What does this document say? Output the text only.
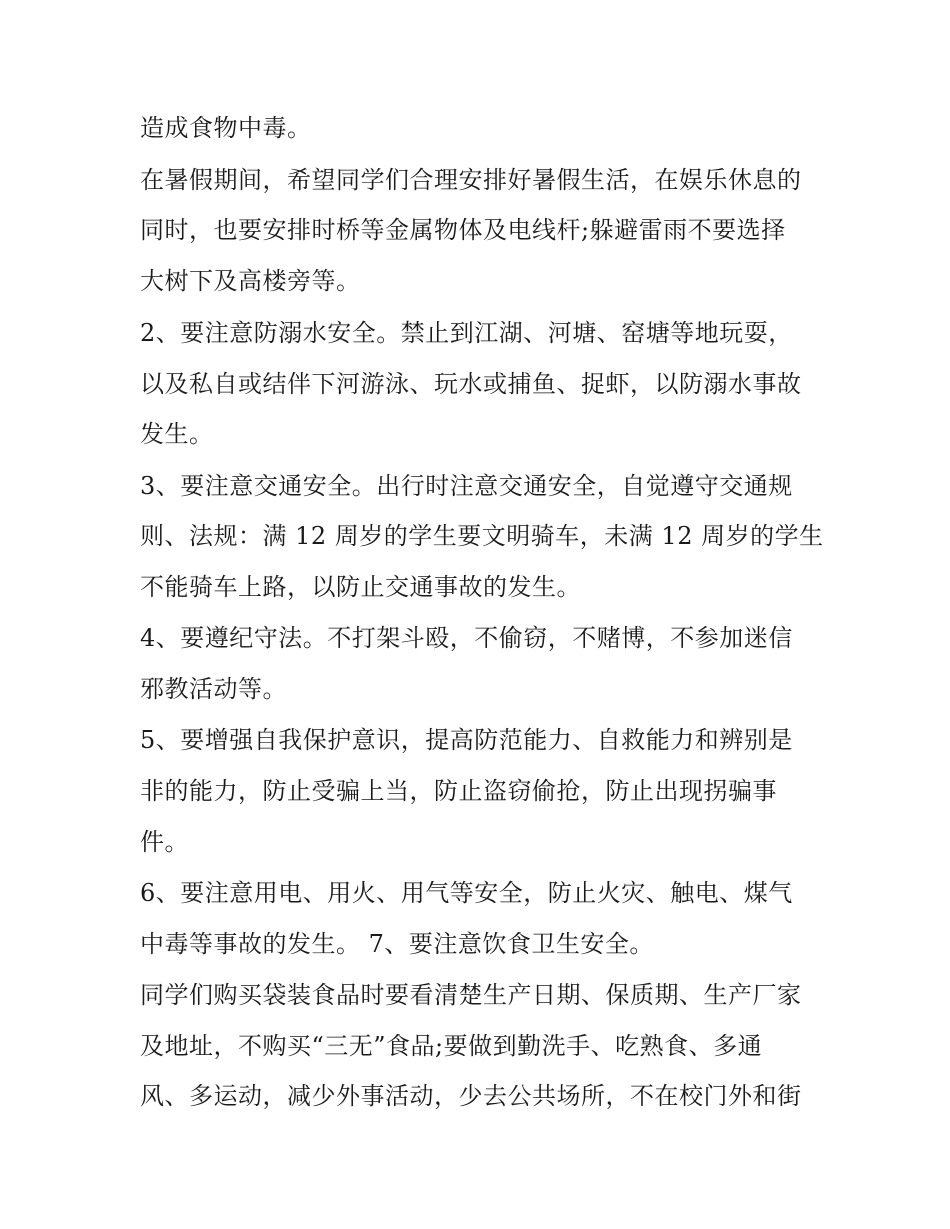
造成食物中毒。
在暑假期间，希望同学们合理安排好暑假生活，在娱乐休息的
同时，也要安排时桥等金属物体及电线杆;躲避雷雨不要选择
大树下及高楼旁等。
2、要注意防溺水安全。禁止到江湖、河塘、窑塘等地玩耍，
以及私自或结伴下河游泳、玩水或捕鱼、捉虾，以防溺水事故
发生。
3、要注意交通安全。出行时注意交通安全，自觉遵守交通规
则、法规：满 12 周岁的学生要文明骑车，未满 12 周岁的学生
不能骑车上路，以防止交通事故的发生。
4、要遵纪守法。不打架斗殴，不偷窃，不赌博，不参加迷信
邪教活动等。
5、要增强自我保护意识，提高防范能力、自救能力和辨别是
非的能力，防止受骗上当，防止盗窃偷抢，防止出现拐骗事
件。
6、要注意用电、用火、用气等安全，防止火灾、触电、煤气
中毒等事故的发生。 7、要注意饮食卫生安全。
同学们购买袋装食品时要看清楚生产日期、保质期、生产厂家
及地址，不购买“三无”食品;要做到勤洗手、吃熟食、多通
风、多运动，减少外事活动，少去公共场所，不在校门外和街
